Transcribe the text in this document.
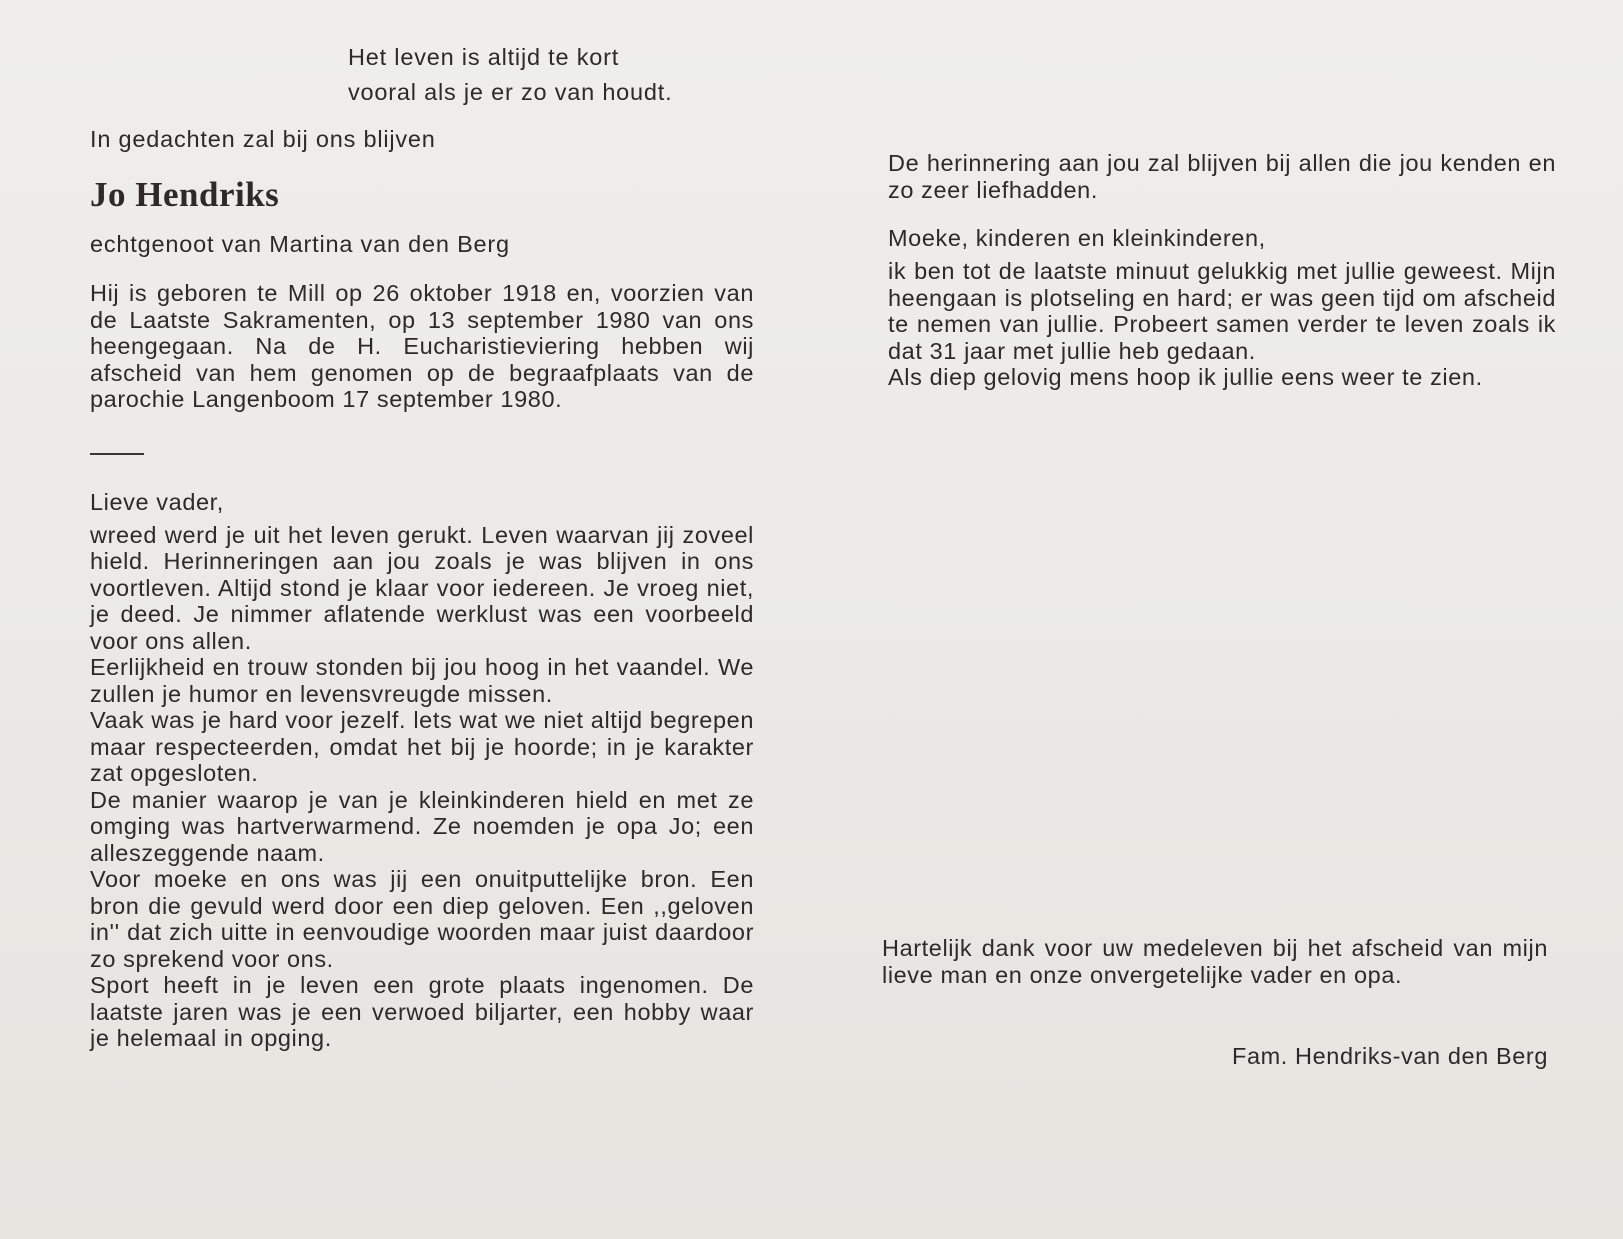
Het leven is altijd te kort

vooral als je er zo van houdt.

In gedachten zal bij ons blijven
Jo Hendriks
echtgenoot van Martina van den Berg

Hij is geboren te Mill op 26 oktober 1918 en, voorzien van de Laatste Sakramenten, op 13 september 1980 van ons heengegaan. Na de H. Eucharistieviering hebben wij afscheid van hem genomen op de begraafplaats van de parochie Langenboom 17 september 1980.

Lieve vader,

wreed werd je uit het leven gerukt. Leven waarvan jij zoveel hield. Herinneringen aan jou zoals je was blijven in ons voortleven. Altijd stond je klaar voor iedereen. Je vroeg niet, je deed. Je nimmer aflatende werklust was een voorbeeld voor ons allen.

Eerlijkheid en trouw stonden bij jou hoog in het vaandel. We zullen je humor en levensvreugde missen.

Vaak was je hard voor jezelf. lets wat we niet altijd begrepen maar respecteerden, omdat het bij je hoorde; in je karakter zat opgesloten.

De manier waarop je van je kleinkinderen hield en met ze omging was hartverwarmend. Ze noemden je opa Jo; een alleszeggende naam.

Voor moeke en ons was jij een onuitputtelijke bron. Een bron die gevuld werd door een diep geloven. Een ,,geloven in'' dat zich uitte in eenvoudige woorden maar juist daardoor zo sprekend voor ons.

Sport heeft in je leven een grote plaats ingenomen. De laatste jaren was je een verwoed biljarter, een hobby waar je helemaal in opging.

De herinnering aan jou zal blijven bij allen die jou kenden en zo zeer liefhadden.

Moeke, kinderen en kleinkinderen,

ik ben tot de laatste minuut gelukkig met jullie geweest. Mijn heengaan is plotseling en hard; er was geen tijd om afscheid te nemen van jullie. Probeert samen verder te leven zoals ik dat 31 jaar met jullie heb gedaan.

Als diep gelovig mens hoop ik jullie eens weer te zien.

Hartelijk dank voor uw medeleven bij het afscheid van mijn lieve man en onze onvergetelijke vader en opa.

Fam. Hendriks-van den Berg
